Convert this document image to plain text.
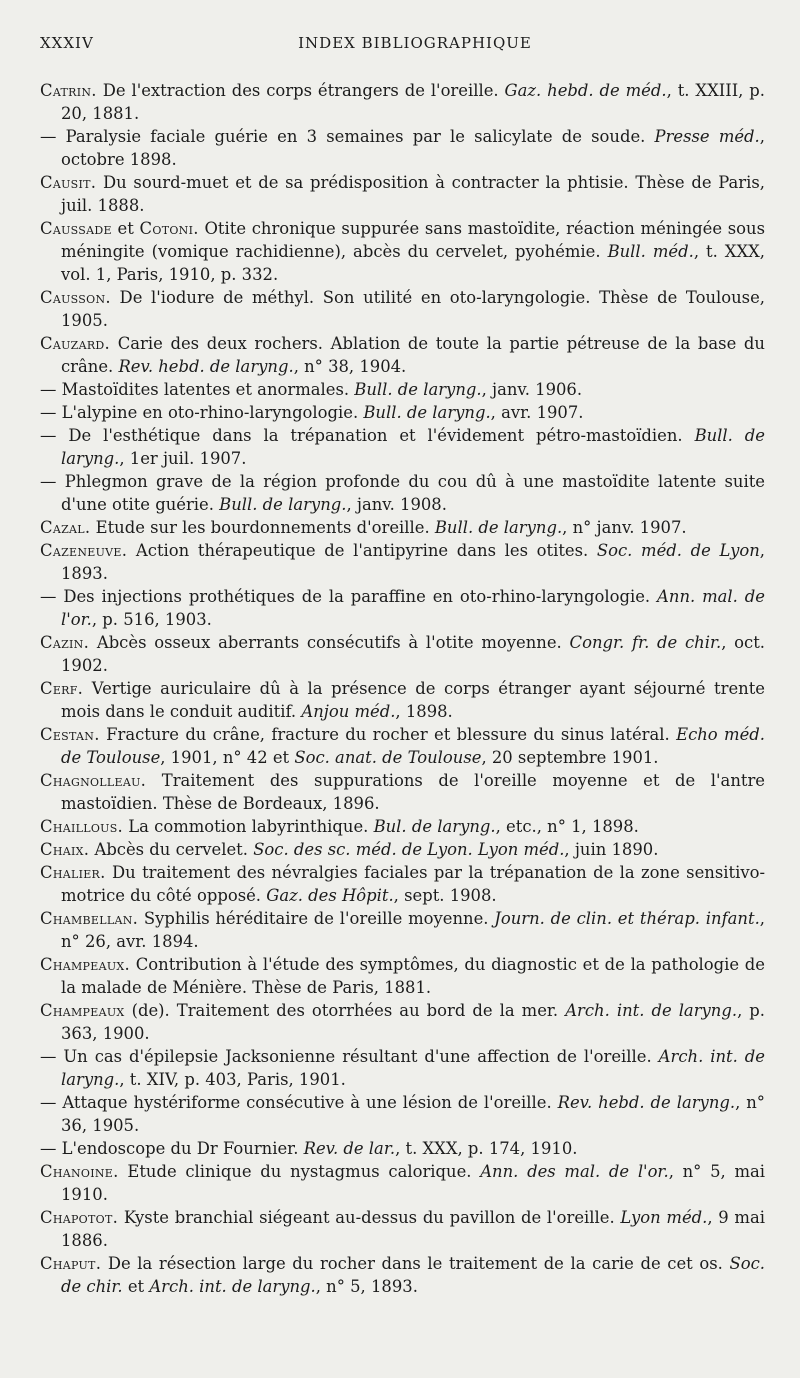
XXXIV	INDEX BIBLIOGRAPHIQUE
Catrin. De l'extraction des corps étrangers de l'oreille. Gaz. hebd. de méd., t. XXIII, p. 20, 1881.
— Paralysie faciale guérie en 3 semaines par le salicylate de soude. Presse méd., octobre 1898.
Causit. Du sourd-muet et de sa prédisposition à contracter la phtisie. Thèse de Paris, juil. 1888.
Caussade et Cotoni. Otite chronique suppurée sans mastoïdite, réaction méningée sous méningite (vomique rachidienne), abcès du cervelet, pyohémie. Bull. méd., t. XXX, vol. 1, Paris, 1910, p. 332.
Causson. De l'iodure de méthyl. Son utilité en oto-laryngologie. Thèse de Toulouse, 1905.
Cauzard. Carie des deux rochers. Ablation de toute la partie pétreuse de la base du crâne. Rev. hebd. de laryng., n° 38, 1904.
— Mastoïdites latentes et anormales. Bull. de laryng., janv. 1906.
— L'alypine en oto-rhino-laryngologie. Bull. de laryng., avr. 1907.
— De l'esthétique dans la trépanation et l'évidement pétro-mastoïdien. Bull. de laryng., 1er juil. 1907.
— Phlegmon grave de la région profonde du cou dû à une mastoïdite latente suite d'une otite guérie. Bull. de laryng., janv. 1908.
Cazal. Etude sur les bourdonnements d'oreille. Bull. de laryng., n° janv. 1907.
Cazeneuve. Action thérapeutique de l'antipyrine dans les otites. Soc. méd. de Lyon, 1893.
— Des injections prothétiques de la paraffine en oto-rhino-laryngologie. Ann. mal. de l'or., p. 516, 1903.
Cazin. Abcès osseux aberrants consécutifs à l'otite moyenne. Congr. fr. de chir., oct. 1902.
Cerf. Vertige auriculaire dû à la présence de corps étranger ayant séjourné trente mois dans le conduit auditif. Anjou méd., 1898.
Cestan. Fracture du crâne, fracture du rocher et blessure du sinus latéral. Echo méd. de Toulouse, 1901, n° 42 et Soc. anat. de Toulouse, 20 septembre 1901.
Chagnolleau. Traitement des suppurations de l'oreille moyenne et de l'antre mastoïdien. Thèse de Bordeaux, 1896.
Chaillous. La commotion labyrinthique. Bul. de laryng., etc., n° 1, 1898.
Chaix. Abcès du cervelet. Soc. des sc. méd. de Lyon. Lyon méd., juin 1890.
Chalier. Du traitement des névralgies faciales par la trépanation de la zone sensitivo-motrice du côté opposé. Gaz. des Hôpit., sept. 1908.
Chambellan. Syphilis héréditaire de l'oreille moyenne. Journ. de clin. et thérap. infant., n° 26, avr. 1894.
Champeaux. Contribution à l'étude des symptômes, du diagnostic et de la pathologie de la malade de Ménière. Thèse de Paris, 1881.
Champeaux (de). Traitement des otorrhées au bord de la mer. Arch. int. de laryng., p. 363, 1900.
— Un cas d'épilepsie Jacksonienne résultant d'une affection de l'oreille. Arch. int. de laryng., t. XIV, p. 403, Paris, 1901.
— Attaque hystériforme consécutive à une lésion de l'oreille. Rev. hebd. de laryng., n° 36, 1905.
— L'endoscope du Dr Fournier. Rev. de lar., t. XXX, p. 174, 1910.
Chanoine. Etude clinique du nystagmus calorique. Ann. des mal. de l'or., n° 5, mai 1910.
Chapotot. Kyste branchial siégeant au-dessus du pavillon de l'oreille. Lyon méd., 9 mai 1886.
Chaput. De la résection large du rocher dans le traitement de la carie de cet os. Soc. de chir. et Arch. int. de laryng., n° 5, 1893.
